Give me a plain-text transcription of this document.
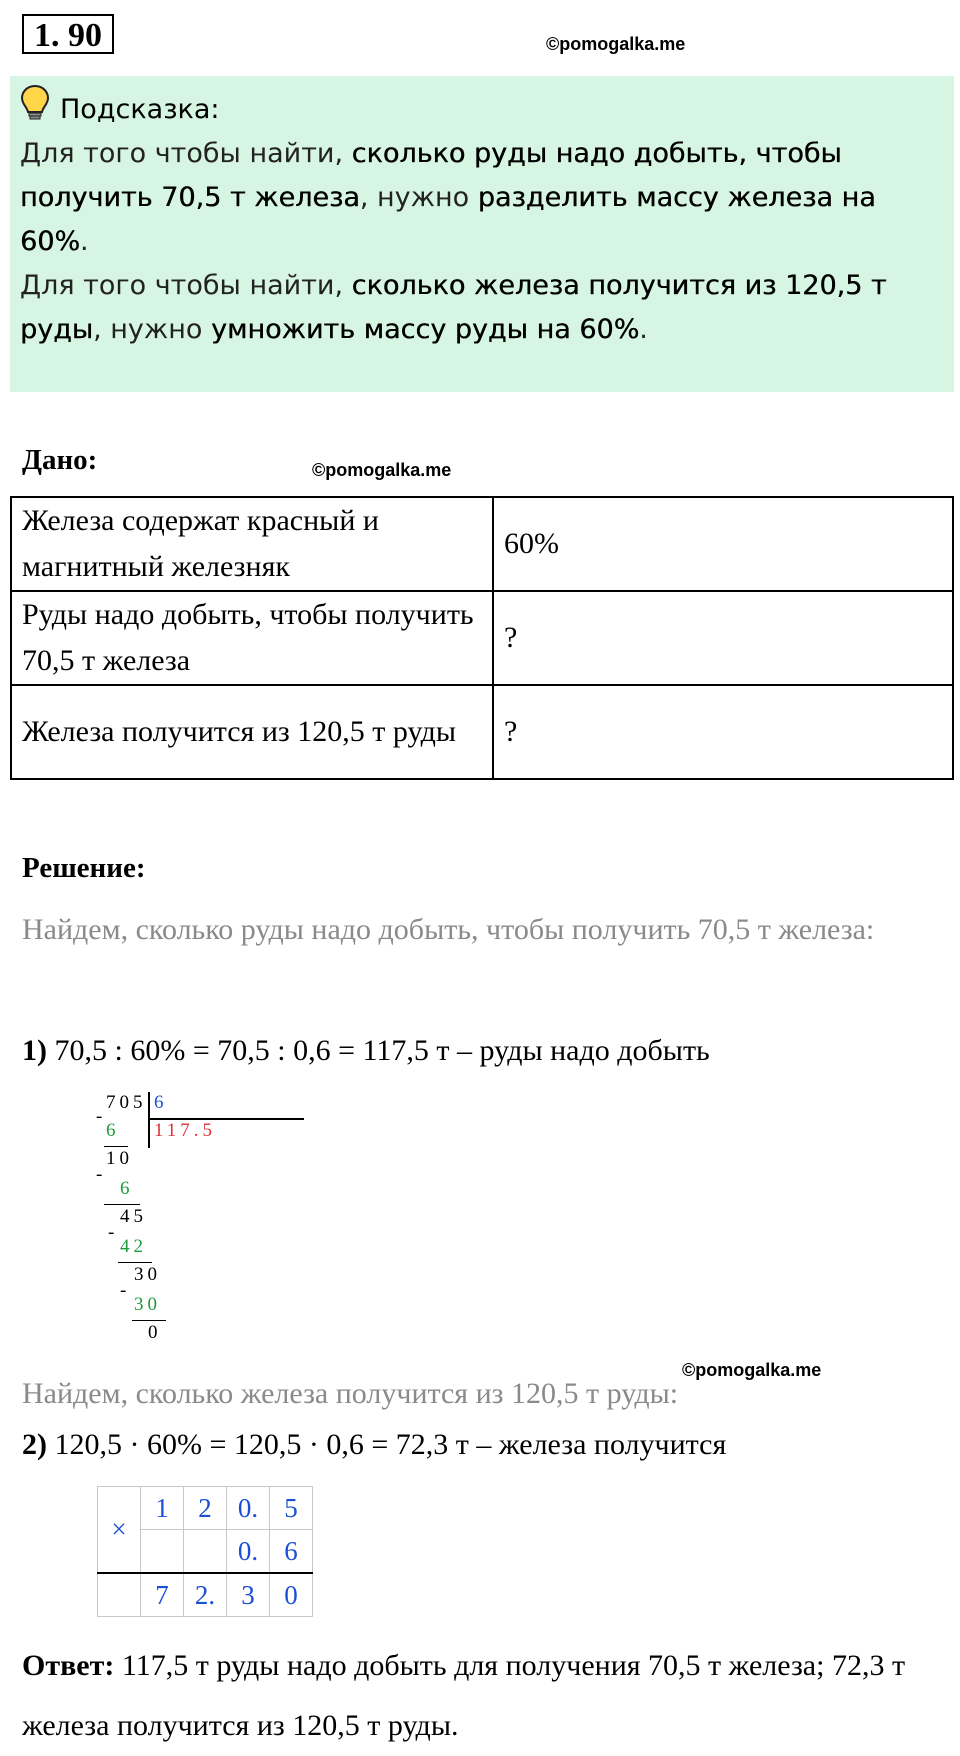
1. 90	©pomogalka.me
Подсказка:
Для того чтобы найти, сколько руды надо добыть, чтобы получить 70,5 т железа, нужно разделить массу железа на 60%.
Для того чтобы найти, сколько железа получится из 120,5 т руды, нужно умножить массу руды на 60%.
Дано:	©pomogalka.me
Железа содержат красный и магнитный железняк	60%
Руды надо добыть, чтобы получить 70,5 т железа	?
Железа получится из 120,5 т руды	?
Решение:
Найдем, сколько руды надо добыть, чтобы получить 70,5 т железа:
1) 70,5 : 60% = 70,5 : 0,6 = 117,5 т – руды надо добыть
705 6
117.5
-
6
10
-
6
45
-
42
30
-
30
0
©pomogalka.me
Найдем, сколько железа получится из 120,5 т руды:
2) 120,5 · 60% = 120,5 · 0,6 = 72,3 т – железа получится
×	1	2	0.	5
			0.	6
	7	2.	3	0
Ответ: 117,5 т руды надо добыть для получения 70,5 т железа; 72,3 т железа получится из 120,5 т руды.
